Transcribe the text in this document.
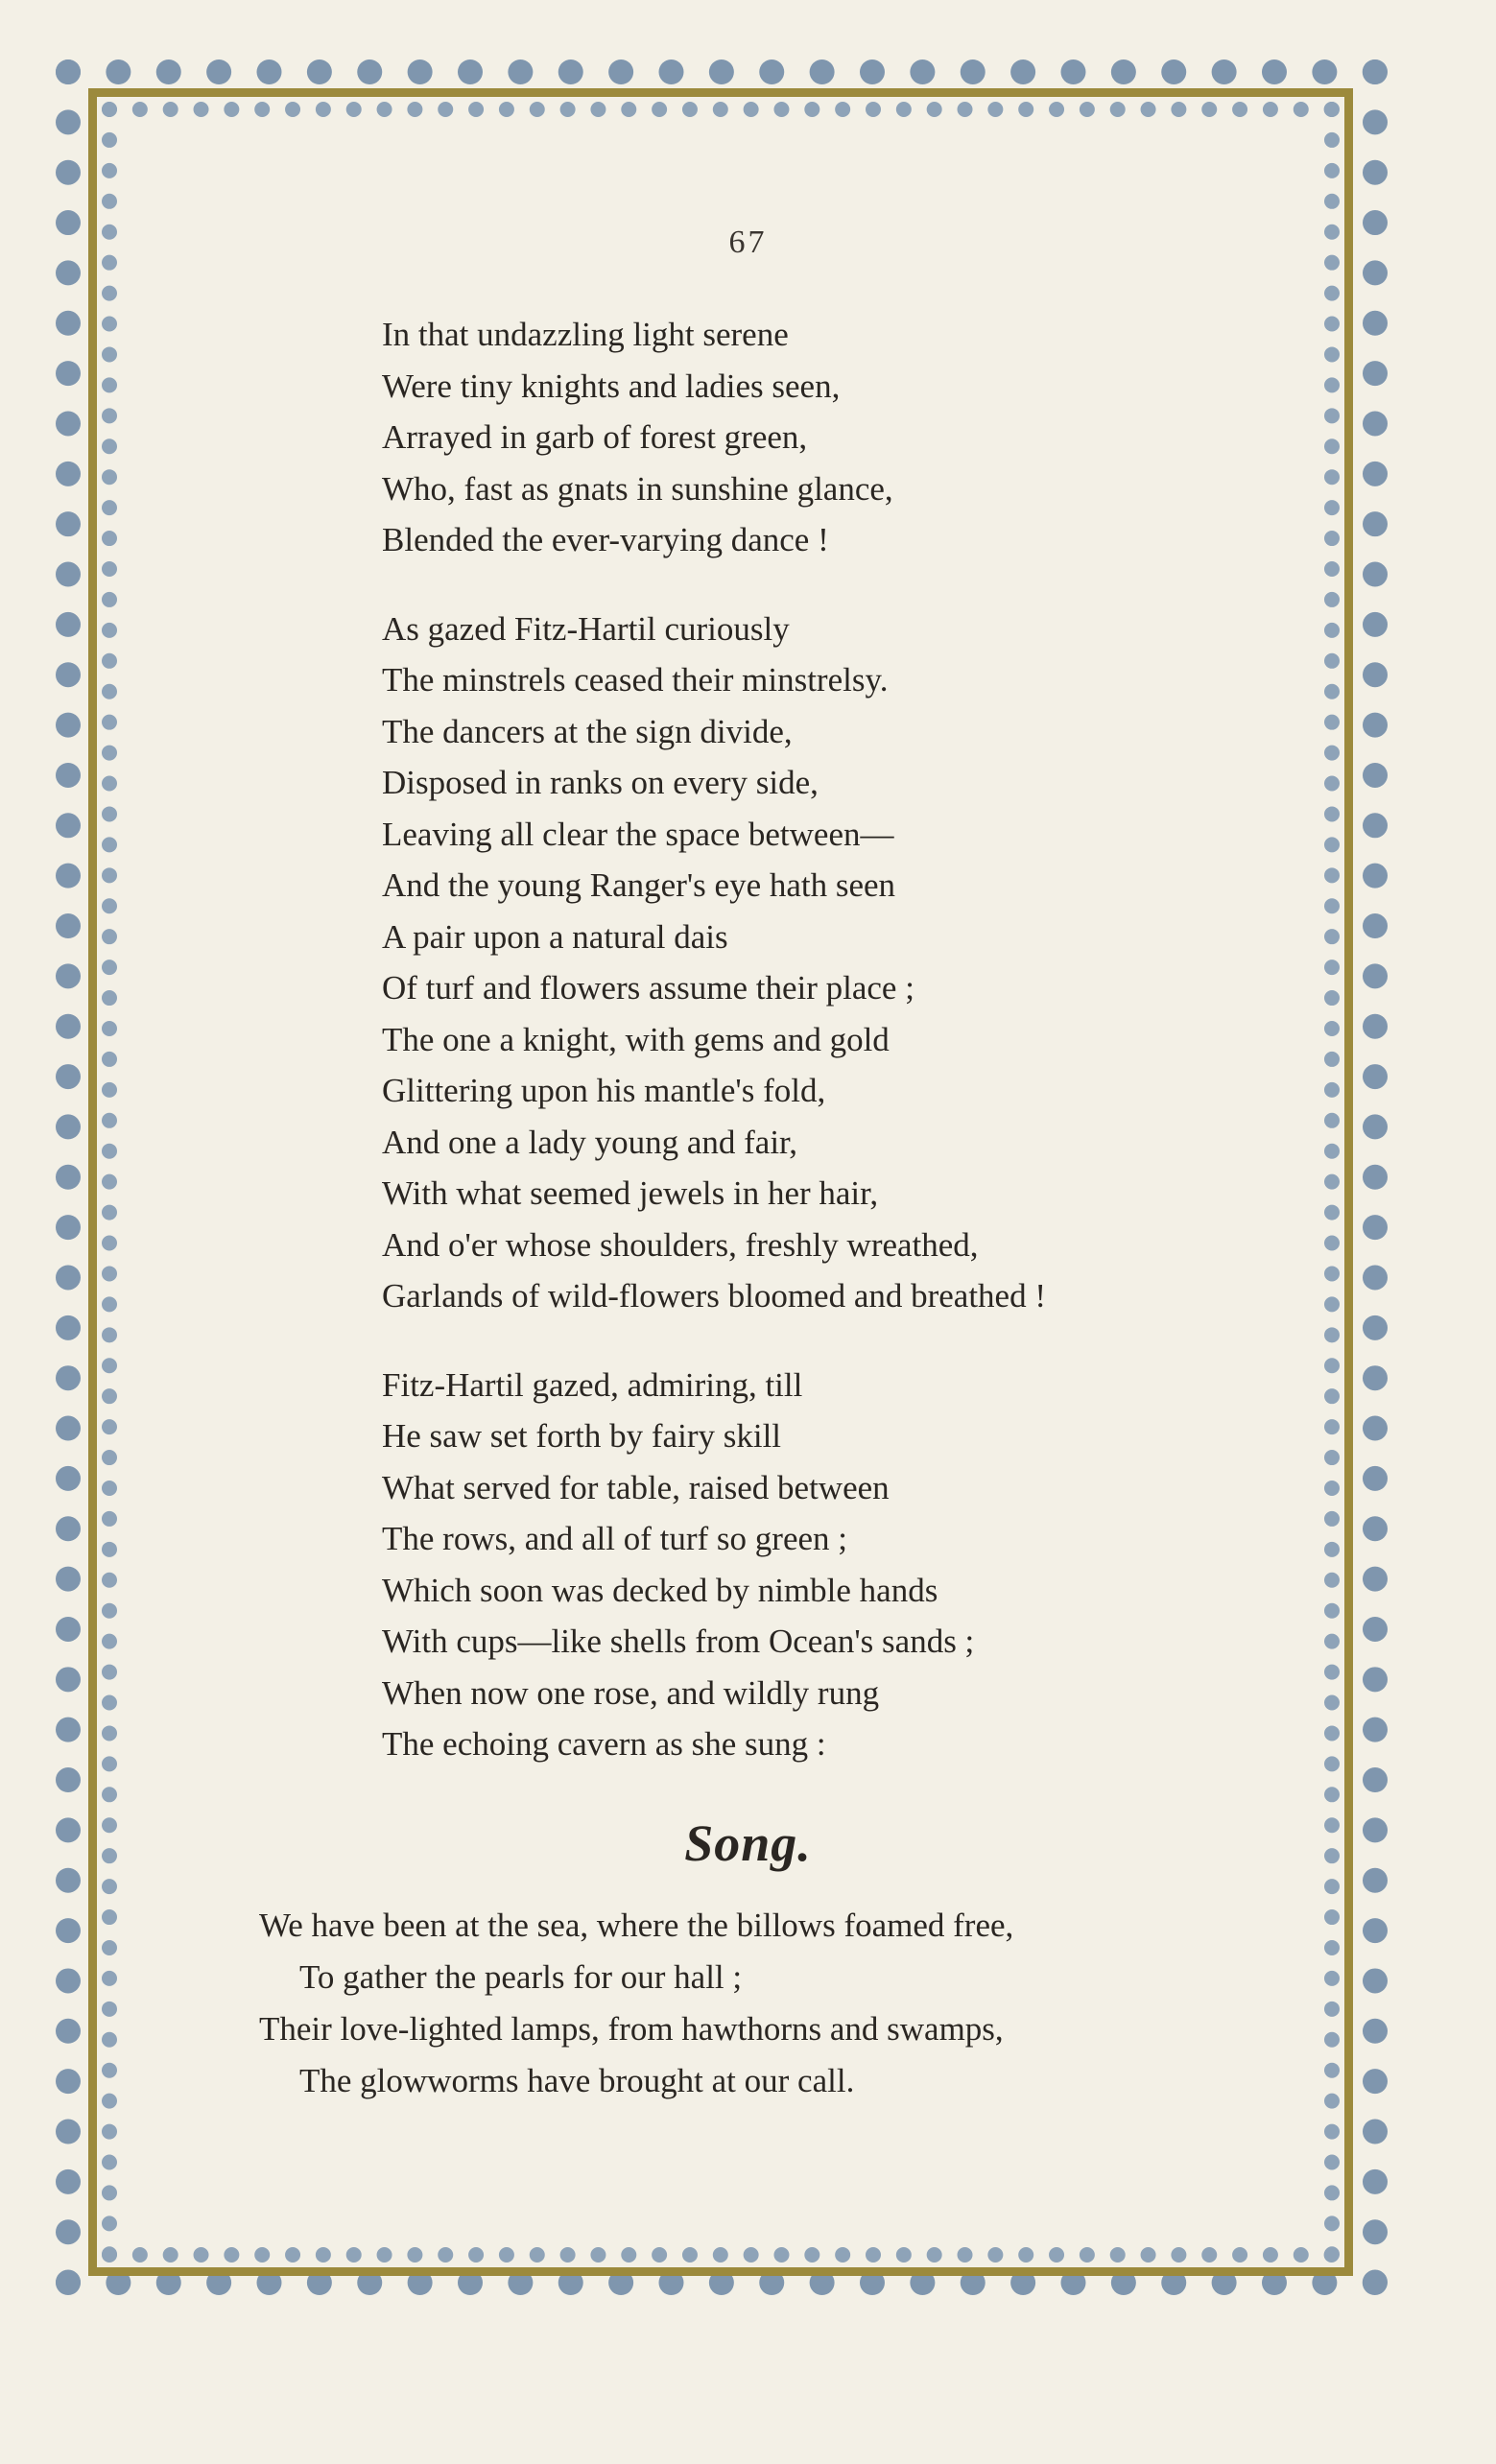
67
In that undazzling light serene
Were tiny knights and ladies seen,
Arrayed in garb of forest green,
Who, fast as gnats in sunshine glance,
Blended the ever-varying dance !
As gazed Fitz-Hartil curiously
The minstrels ceased their minstrelsy.
The dancers at the sign divide,
Disposed in ranks on every side,
Leaving all clear the space between—
And the young Ranger's eye hath seen
A pair upon a natural dais
Of turf and flowers assume their place ;
The one a knight, with gems and gold
Glittering upon his mantle's fold,
And one a lady young and fair,
With what seemed jewels in her hair,
And o'er whose shoulders, freshly wreathed,
Garlands of wild-flowers bloomed and breathed !
Fitz-Hartil gazed, admiring, till
He saw set forth by fairy skill
What served for table, raised between
The rows, and all of turf so green ;
Which soon was decked by nimble hands
With cups—like shells from Ocean's sands ;
When now one rose, and wildly rung
The echoing cavern as she sung :
Song.
We have been at the sea, where the billows foamed free,
To gather the pearls for our hall ;
Their love-lighted lamps, from hawthorns and swamps,
The glowworms have brought at our call.
